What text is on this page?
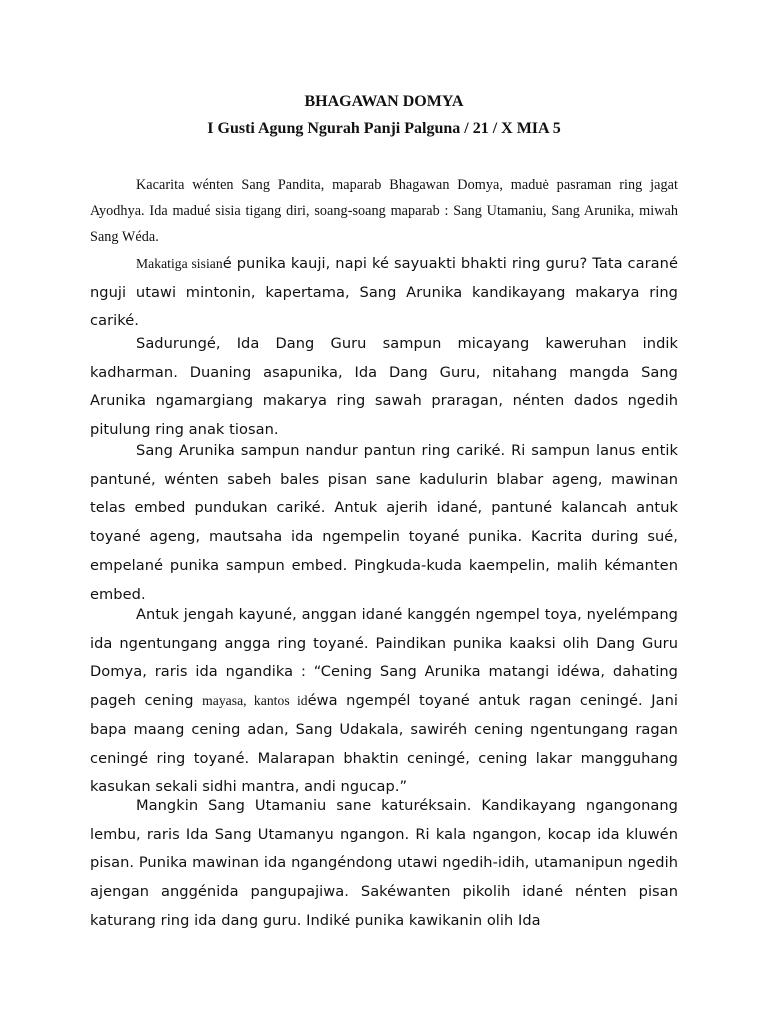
BHAGAWAN DOMYA
I Gusti Agung Ngurah Panji Palguna / 21 / X MIA 5

Kacarita wénten Sang Pandita, maparab Bhagawan Domya, maduė pasraman ring jagat Ayodhya. Ida madué sisia tigang diri, soang-soang maparab : Sang Utamaniu, Sang Arunika, miwah Sang Wéda.

Makatiga sisiané punika kauji, napi ké sayuakti bhakti ring guru? Tata carané nguji utawi mintonin, kapertama, Sang Arunika kandikayang makarya ring cariké.

Sadurungé, Ida Dang Guru sampun micayang kaweruhan indik kadharman. Duaning asapunika, Ida Dang Guru, nitahang mangda Sang Arunika ngamargiang makarya ring sawah praragan, nénten dados ngedih pitulung ring anak tiosan.

Sang Arunika sampun nandur pantun ring cariké. Ri sampun lanus entik pantuné, wénten sabeh bales pisan sane kadulurin blabar ageng, mawinan telas embed pundukan cariké. Antuk ajerih idané, pantuné kalancah antuk toyané ageng, mautsaha ida ngempelin toyané punika. Kacrita during sué, empelané punika sampun embed. Pingkuda-kuda kaempelin, malih kémanten embed.

Antuk jengah kayuné, anggan idané kanggén ngempel toya, nyelémpang ida ngentungang angga ring toyané. Paindikan punika kaaksi olih Dang Guru Domya, raris ida ngandika : “Cening Sang Arunika matangi idéwa, dahating pageh cening mayasa, kantos idéwa ngempél toyané antuk ragan ceningé. Jani bapa maang cening adan, Sang Udakala, sawiréh cening ngentungang ragan ceningé ring toyané. Malarapan bhaktin ceningé, cening lakar mangguhang kasukan sekali sidhi mantra, andi ngucap.”

Mangkin Sang Utamaniu sane katuréksain. Kandikayang ngangonang lembu, raris Ida Sang Utamanyu ngangon. Ri kala ngangon, kocap ida kluwén pisan. Punika mawinan ida ngangéndong utawi ngedih-idih, utamanipun ngedih ajengan anggénida pangupajiwa. Sakéwanten pikolih idané nénten pisan katurang ring ida dang guru. Indiké punika kawikanin olih Ida
